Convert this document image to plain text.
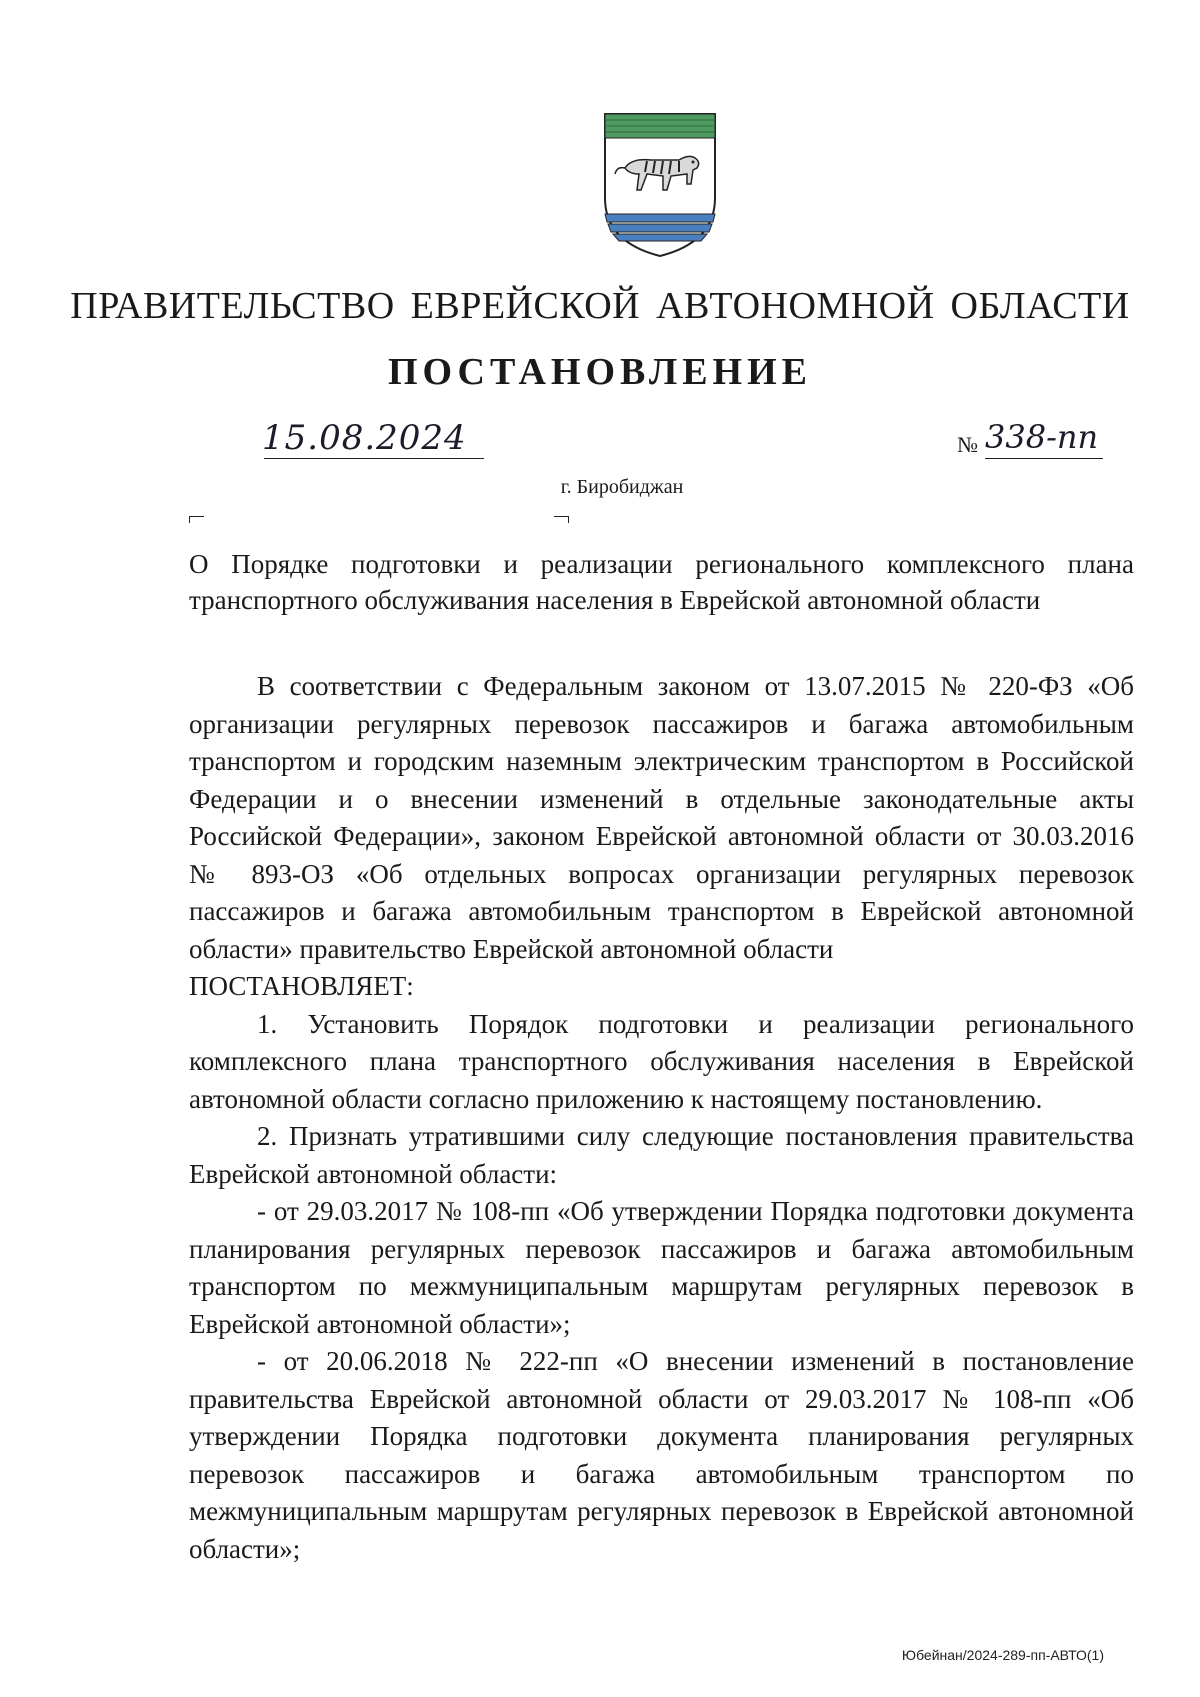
ПРАВИТЕЛЬСТВО ЕВРЕЙСКОЙ АВТОНОМНОЙ ОБЛАСТИ
ПОСТАНОВЛЕНИЕ
15.08.2024	№ 338-пп
г. Биробиджан
О Порядке подготовки и реализации регионального комплексного плана транспортного обслуживания населения в Еврейской автономной области

В соответствии с Федеральным законом от 13.07.2015 № 220-ФЗ «Об организации регулярных перевозок пассажиров и багажа автомобильным транспортом и городским наземным электрическим транспортом в Российской Федерации и о внесении изменений в отдельные законодательные акты Российской Федерации», законом Еврейской автономной области от 30.03.2016 № 893-ОЗ «Об отдельных вопросах организации регулярных перевозок пассажиров и багажа автомобильным транспортом в Еврейской автономной области» правительство Еврейской автономной области

ПОСТАНОВЛЯЕТ:

1. Установить Порядок подготовки и реализации регионального комплексного плана транспортного обслуживания населения в Еврейской автономной области согласно приложению к настоящему постановлению.

2. Признать утратившими силу следующие постановления правительства Еврейской автономной области:

- от 29.03.2017 № 108-пп «Об утверждении Порядка подготовки документа планирования регулярных перевозок пассажиров и багажа автомобильным транспортом по межмуниципальным маршрутам регулярных перевозок в Еврейской автономной области»;

- от 20.06.2018 № 222-пп «О внесении изменений в постановление правительства Еврейской автономной области от 29.03.2017 № 108-пп «Об утверждении Порядка подготовки документа планирования регулярных перевозок пассажиров и багажа автомобильным транспортом по межмуниципальным маршрутам регулярных перевозок в Еврейской автономной области»;

Юбейнан/2024-289-пп-АВТО(1)
